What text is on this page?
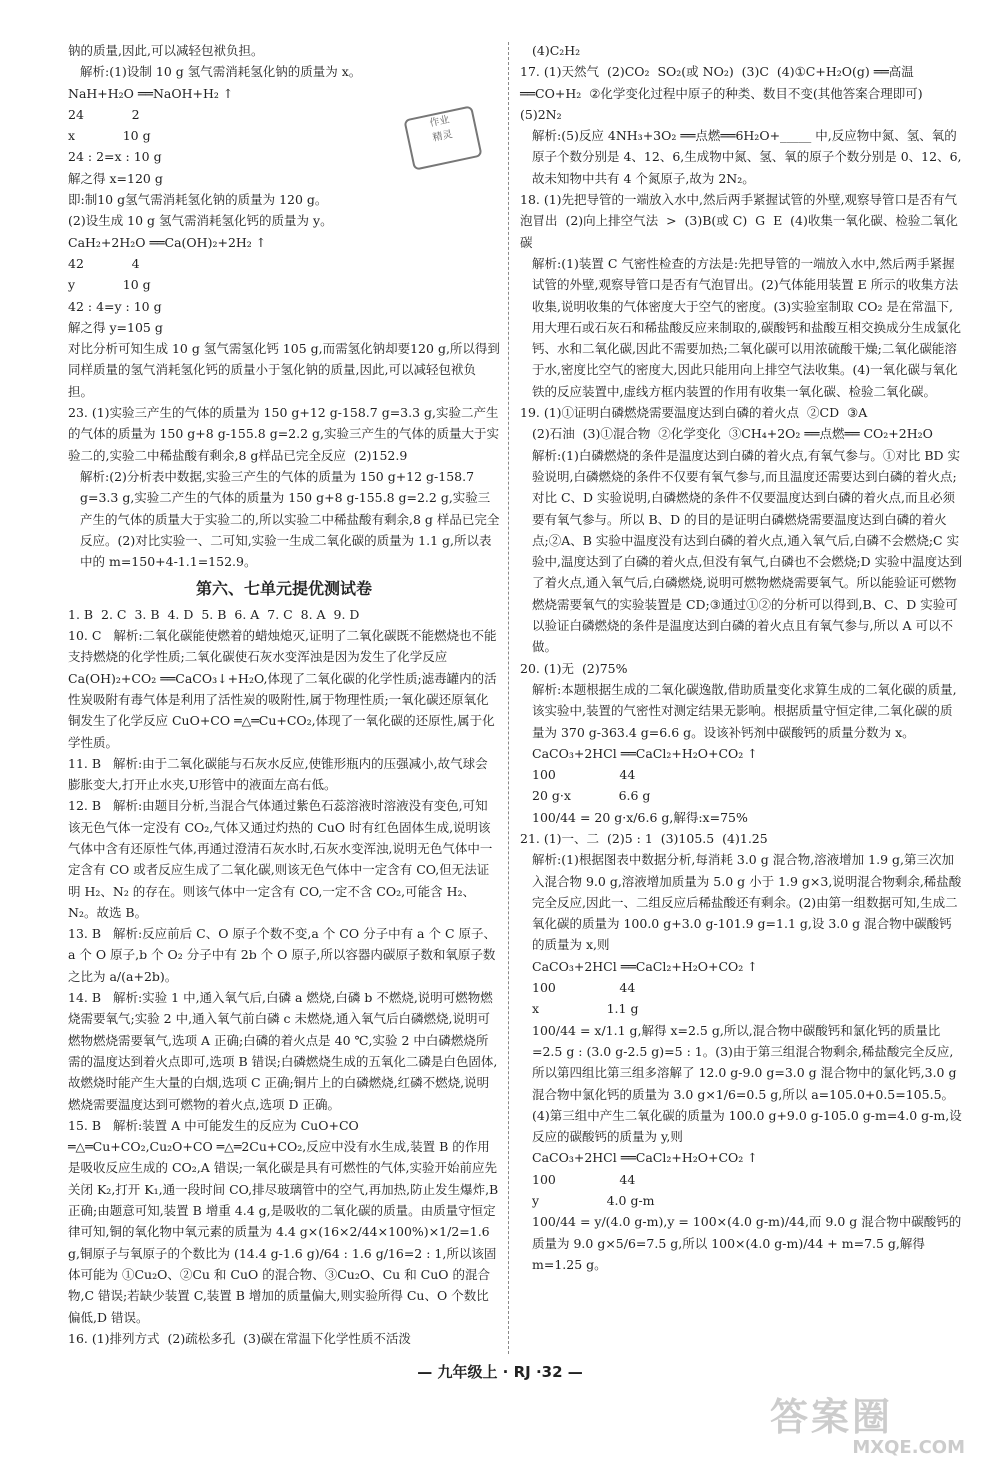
钠的质量,因此,可以减轻包袱负担。

解析:(1)设制 10 g 氢气需消耗氢化钠的质量为 x。

NaH+H₂O ══NaOH+H₂ ↑

24            2

x            10 g

24 : 2=x : 10 g

解之得 x=120 g

即:制10 g氢气需消耗氢化钠的质量为 120 g。

(2)设生成 10 g 氢气需消耗氢化钙的质量为 y。

CaH₂+2H₂O ══Ca(OH)₂+2H₂ ↑

42            4

y            10 g

42 : 4=y : 10 g

解之得 y=105 g

对比分析可知生成 10 g 氢气需氢化钙 105 g,而需氢化钠却要120 g,所以得到同样质量的氢气消耗氢化钙的质量小于氢化钠的质量,因此,可以减轻包袱负担。

23. (1)实验三产生的气体的质量为 150 g+12 g-158.7 g=3.3 g,实验二产生的气体的质量为 150 g+8 g-155.8 g=2.2 g,实验三产生的气体的质量大于实验二的,实验二中稀盐酸有剩余,8 g样品已完全反应  (2)152.9

解析:(2)分析表中数据,实验三产生的气体的质量为 150 g+12 g-158.7 g=3.3 g,实验二产生的气体的质量为 150 g+8 g-155.8 g=2.2 g,实验三产生的气体的质量大于实验二的,所以实验二中稀盐酸有剩余,8 g 样品已完全反应。(2)对比实验一、二可知,实验一生成二氧化碳的质量为 1.1 g,所以表中的 m=150+4-1.1=152.9。

第六、七单元提优测试卷

1. B  2. C  3. B  4. D  5. B  6. A  7. C  8. A  9. D

10. C   解析:二氧化碳能使燃着的蜡烛熄灭,证明了二氧化碳既不能燃烧也不能支持燃烧的化学性质;二氧化碳使石灰水变浑浊是因为发生了化学反应 Ca(OH)₂+CO₂ ══CaCO₃↓+H₂O,体现了二氧化碳的化学性质;滤毒罐内的活性炭吸附有毒气体是利用了活性炭的吸附性,属于物理性质;一氧化碳还原氧化铜发生了化学反应 CuO+CO ═△═Cu+CO₂,体现了一氧化碳的还原性,属于化学性质。

11. B   解析:由于二氧化碳能与石灰水反应,使锥形瓶内的压强减小,故气球会膨胀变大,打开止水夹,U形管中的液面左高右低。

12. B   解析:由题目分析,当混合气体通过紫色石蕊溶液时溶液没有变色,可知该无色气体一定没有 CO₂,气体又通过灼热的 CuO 时有红色固体生成,说明该气体中含有还原性气体,再通过澄清石灰水时,石灰水变浑浊,说明无色气体中一定含有 CO 或者反应生成了二氧化碳,则该无色气体中一定含有 CO,但无法证明 H₂、N₂ 的存在。则该气体中一定含有 CO,一定不含 CO₂,可能含 H₂、N₂。故选 B。

13. B   解析:反应前后 C、O 原子个数不变,a 个 CO 分子中有 a 个 C 原子、a 个 O 原子,b 个 O₂ 分子中有 2b 个 O 原子,所以容器内碳原子数和氧原子数之比为 a/(a+2b)。

14. B   解析:实验 1 中,通入氧气后,白磷 a 燃烧,白磷 b 不燃烧,说明可燃物燃烧需要氧气;实验 2 中,通入氧气前白磷 c 未燃烧,通入氧气后白磷燃烧,说明可燃物燃烧需要氧气,选项 A 正确;白磷的着火点是 40 ℃,实验 2 中白磷燃烧所需的温度达到着火点即可,选项 B 错误;白磷燃烧生成的五氧化二磷是白色固体,故燃烧时能产生大量的白烟,选项 C 正确;铜片上的白磷燃烧,红磷不燃烧,说明燃烧需要温度达到可燃物的着火点,选项 D 正确。

15. B   解析:装置 A 中可能发生的反应为 CuO+CO ═△═Cu+CO₂,Cu₂O+CO ═△═2Cu+CO₂,反应中没有水生成,装置 B 的作用是吸收反应生成的 CO₂,A 错误;一氧化碳是具有可燃性的气体,实验开始前应先关闭 K₂,打开 K₁,通一段时间 CO,排尽玻璃管中的空气,再加热,防止发生爆炸,B 正确;由题意可知,装置 B 增重 4.4 g,是吸收的二氧化碳的质量。由质量守恒定律可知,铜的氧化物中氧元素的质量为 4.4 g×(16×2/44×100%)×1/2=1.6 g,铜原子与氧原子的个数比为 (14.4 g-1.6 g)/64 : 1.6 g/16=2 : 1,所以该固体可能为 ①Cu₂O、②Cu 和 CuO 的混合物、③Cu₂O、Cu 和 CuO 的混合物,C 错误;若缺少装置 C,装置 B 增加的质量偏大,则实验所得 Cu、O 个数比偏低,D 错误。

16. (1)排列方式  (2)疏松多孔  (3)碳在常温下化学性质不活泼

作业
精灵

(4)C₂H₂

17. (1)天然气  (2)CO₂  SO₂(或 NO₂)  (3)C  (4)①C+H₂O(g) ══高温══CO+H₂  ②化学变化过程中原子的种类、数目不变(其他答案合理即可)  (5)2N₂

解析:(5)反应 4NH₃+3O₂ ══点燃══6H₂O+_____ 中,反应物中氮、氢、氧的原子个数分别是 4、12、6,生成物中氮、氢、氧的原子个数分别是 0、12、6,故未知物中共有 4 个氮原子,故为 2N₂。

18. (1)先把导管的一端放入水中,然后两手紧握试管的外壁,观察导管口是否有气泡冒出  (2)向上排空气法  >  (3)B(或 C)  G  E  (4)收集一氧化碳、检验二氧化碳

解析:(1)装置 C 气密性检查的方法是:先把导管的一端放入水中,然后两手紧握试管的外壁,观察导管口是否有气泡冒出。(2)气体能用装置 E 所示的收集方法收集,说明收集的气体密度大于空气的密度。(3)实验室制取 CO₂ 是在常温下,用大理石或石灰石和稀盐酸反应来制取的,碳酸钙和盐酸互相交换成分生成氯化钙、水和二氧化碳,因此不需要加热;二氧化碳可以用浓硫酸干燥;二氧化碳能溶于水,密度比空气的密度大,因此只能用向上排空气法收集。(4)一氧化碳与氧化铁的反应装置中,虚线方框内装置的作用有收集一氧化碳、检验二氧化碳。

19. (1)①证明白磷燃烧需要温度达到白磷的着火点  ②CD  ③A

(2)石油  (3)①混合物  ②化学变化  ③CH₄+2O₂ ══点燃══ CO₂+2H₂O

解析:(1)白磷燃烧的条件是温度达到白磷的着火点,有氧气参与。①对比 BD 实验说明,白磷燃烧的条件不仅要有氧气参与,而且温度还需要达到白磷的着火点;对比 C、D 实验说明,白磷燃烧的条件不仅要温度达到白磷的着火点,而且必须要有氧气参与。所以 B、D 的目的是证明白磷燃烧需要温度达到白磷的着火点;②A、B 实验中温度没有达到白磷的着火点,通入氧气后,白磷不会燃烧;C 实验中,温度达到了白磷的着火点,但没有氧气,白磷也不会燃烧;D 实验中温度达到了着火点,通入氧气后,白磷燃烧,说明可燃物燃烧需要氧气。所以能验证可燃物燃烧需要氧气的实验装置是 CD;③通过①②的分析可以得到,B、C、D 实验可以验证白磷燃烧的条件是温度达到白磷的着火点且有氧气参与,所以 A 可以不做。

20. (1)无  (2)75%

解析:本题根据生成的二氧化碳逸散,借助质量变化求算生成的二氧化碳的质量,该实验中,装置的气密性对测定结果无影响。根据质量守恒定律,二氧化碳的质量为 370 g-363.4 g=6.6 g。设该补钙剂中碳酸钙的质量分数为 x。

CaCO₃+2HCl ══CaCl₂+H₂O+CO₂ ↑

100                44

20 g·x            6.6 g

100/44 = 20 g·x/6.6 g,解得:x=75%

21. (1)一、二  (2)5 : 1  (3)105.5  (4)1.25

解析:(1)根据图表中数据分析,每消耗 3.0 g 混合物,溶液增加 1.9 g,第三次加入混合物 9.0 g,溶液增加质量为 5.0 g 小于 1.9 g×3,说明混合物剩余,稀盐酸完全反应,因此一、二组反应后稀盐酸还有剩余。(2)由第一组数据可知,生成二氧化碳的质量为 100.0 g+3.0 g-101.9 g=1.1 g,设 3.0 g 混合物中碳酸钙的质量为 x,则

CaCO₃+2HCl ══CaCl₂+H₂O+CO₂ ↑

100                44

x                 1.1 g

100/44 = x/1.1 g,解得 x=2.5 g,所以,混合物中碳酸钙和氯化钙的质量比=2.5 g : (3.0 g-2.5 g)=5 : 1。(3)由于第三组混合物剩余,稀盐酸完全反应,所以第四组比第三组多溶解了 12.0 g-9.0 g=3.0 g 混合物中的氯化钙,3.0 g 混合物中氯化钙的质量为 3.0 g×1/6=0.5 g,所以 a=105.0+0.5=105.5。(4)第三组中产生二氧化碳的质量为 100.0 g+9.0 g-105.0 g-m=4.0 g-m,设反应的碳酸钙的质量为 y,则

CaCO₃+2HCl ══CaCl₂+H₂O+CO₂ ↑

100                44

y                 4.0 g-m

100/44 = y/(4.0 g-m),y = 100×(4.0 g-m)/44,而 9.0 g 混合物中碳酸钙的质量为 9.0 g×5/6=7.5 g,所以 100×(4.0 g-m)/44 + m=7.5 g,解得 m=1.25 g。

— 九年级上 · RJ ·32 —
答案圈
MXQE.COM
